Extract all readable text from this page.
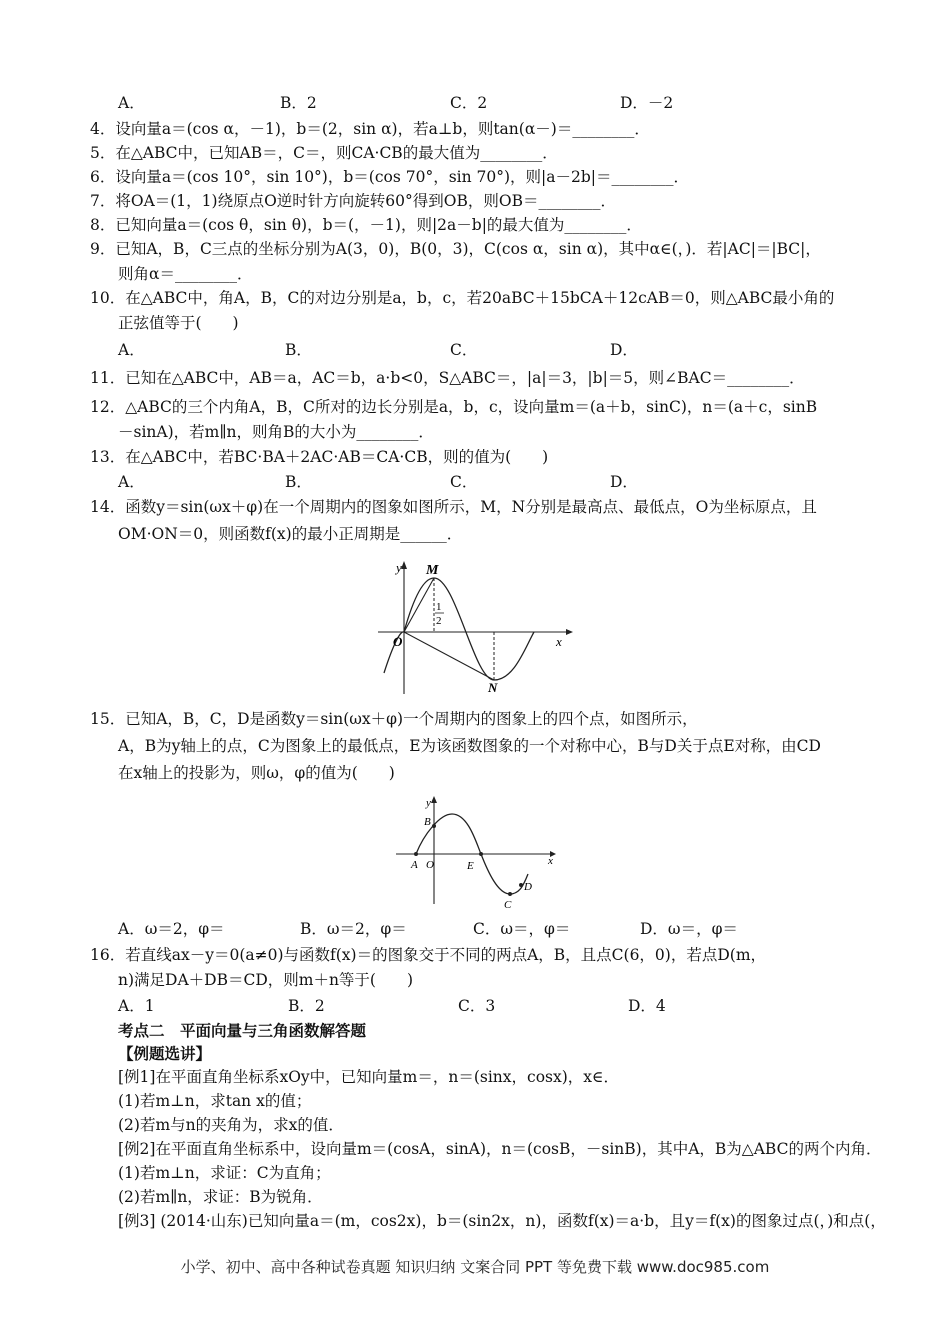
A．	B．2	C．2	D．－2
4．设向量a＝(cos α，－1)，b＝(2，sin α)，若a⊥b，则tan(α－)＝________．
5．在△ABC中，已知AB＝，C＝，则CA·CB的最大值为________．
6．设向量a＝(cos 10°，sin 10°)，b＝(cos 70°，sin 70°)，则|a－2b|＝________．
7．将OA＝(1，1)绕原点O逆时针方向旋转60°得到OB，则OB＝________．
8．已知向量a＝(cos θ，sin θ)，b＝(，－1)，则|2a－b|的最大值为________．
9．已知A，B，C三点的坐标分别为A(3，0)，B(0，3)，C(cos α，sin α)，其中α∈(，)．若|AC|＝|BC|，
则角α＝________．
10．在△ABC中，角A，B，C的对边分别是a，b，c，若20aBC＋15bCA＋12cAB＝0，则△ABC最小角的
正弦值等于(　　)
A．	B．	C．	D．
11．已知在△ABC中，AB＝a，AC＝b，a·b<0，S△ABC＝，|a|＝3，|b|＝5，则∠BAC＝________．
12．△ABC的三个内角A，B，C所对的边长分别是a，b，c，设向量m＝(a＋b，sinC)，n＝(a＋c，sinB
－sinA)，若m∥n，则角B的大小为________．
13．在△ABC中，若BC·BA＋2AC·AB＝CA·CB，则的值为(　　)
A．	B．	C．	D．
14．函数y＝sin(ωx＋φ)在一个周期内的图象如图所示，M，N分别是最高点、最低点，O为坐标原点，且
OM·ON＝0，则函数f(x)的最小正周期是______．
y M
1
2
O	x
N
15．已知A，B，C，D是函数y＝sin(ωx＋φ)一个周期内的图象上的四个点，如图所示，
A，B为y轴上的点，C为图象上的最低点，E为该函数图象的一个对称中心，B与D关于点E对称，由CD
在x轴上的投影为，则ω，φ的值为(　　)
y
B
A O	E	x
D
C
A．ω＝2，φ＝	B．ω＝2，φ＝	C．ω＝，φ＝	D．ω＝，φ＝
16．若直线ax－y＝0(a≠0)与函数f(x)＝的图象交于不同的两点A，B，且点C(6，0)，若点D(m，
n)满足DA＋DB＝CD，则m＋n等于(　　)
A．1	B．2	C．3	D．4
考点二　平面向量与三角函数解答题
【例题选讲】
[例1]在平面直角坐标系xOy中，已知向量m＝，n＝(sinx，cosx)，x∈．
(1)若m⊥n，求tan x的值；
(2)若m与n的夹角为，求x的值．
[例2]在平面直角坐标系中，设向量m＝(cosA，sinA)，n＝(cosB，－sinB)，其中A，B为△ABC的两个内角．
(1)若m⊥n，求证：C为直角；
(2)若m∥n，求证：B为锐角．
[例3] (2014·山东)已知向量a＝(m，cos2x)，b＝(sin2x，n)，函数f(x)＝a·b，且y＝f(x)的图象过点(，)和点(，
小学、初中、高中各种试卷真题 知识归纳 文案合同 PPT 等免费下载 www.doc985.com
